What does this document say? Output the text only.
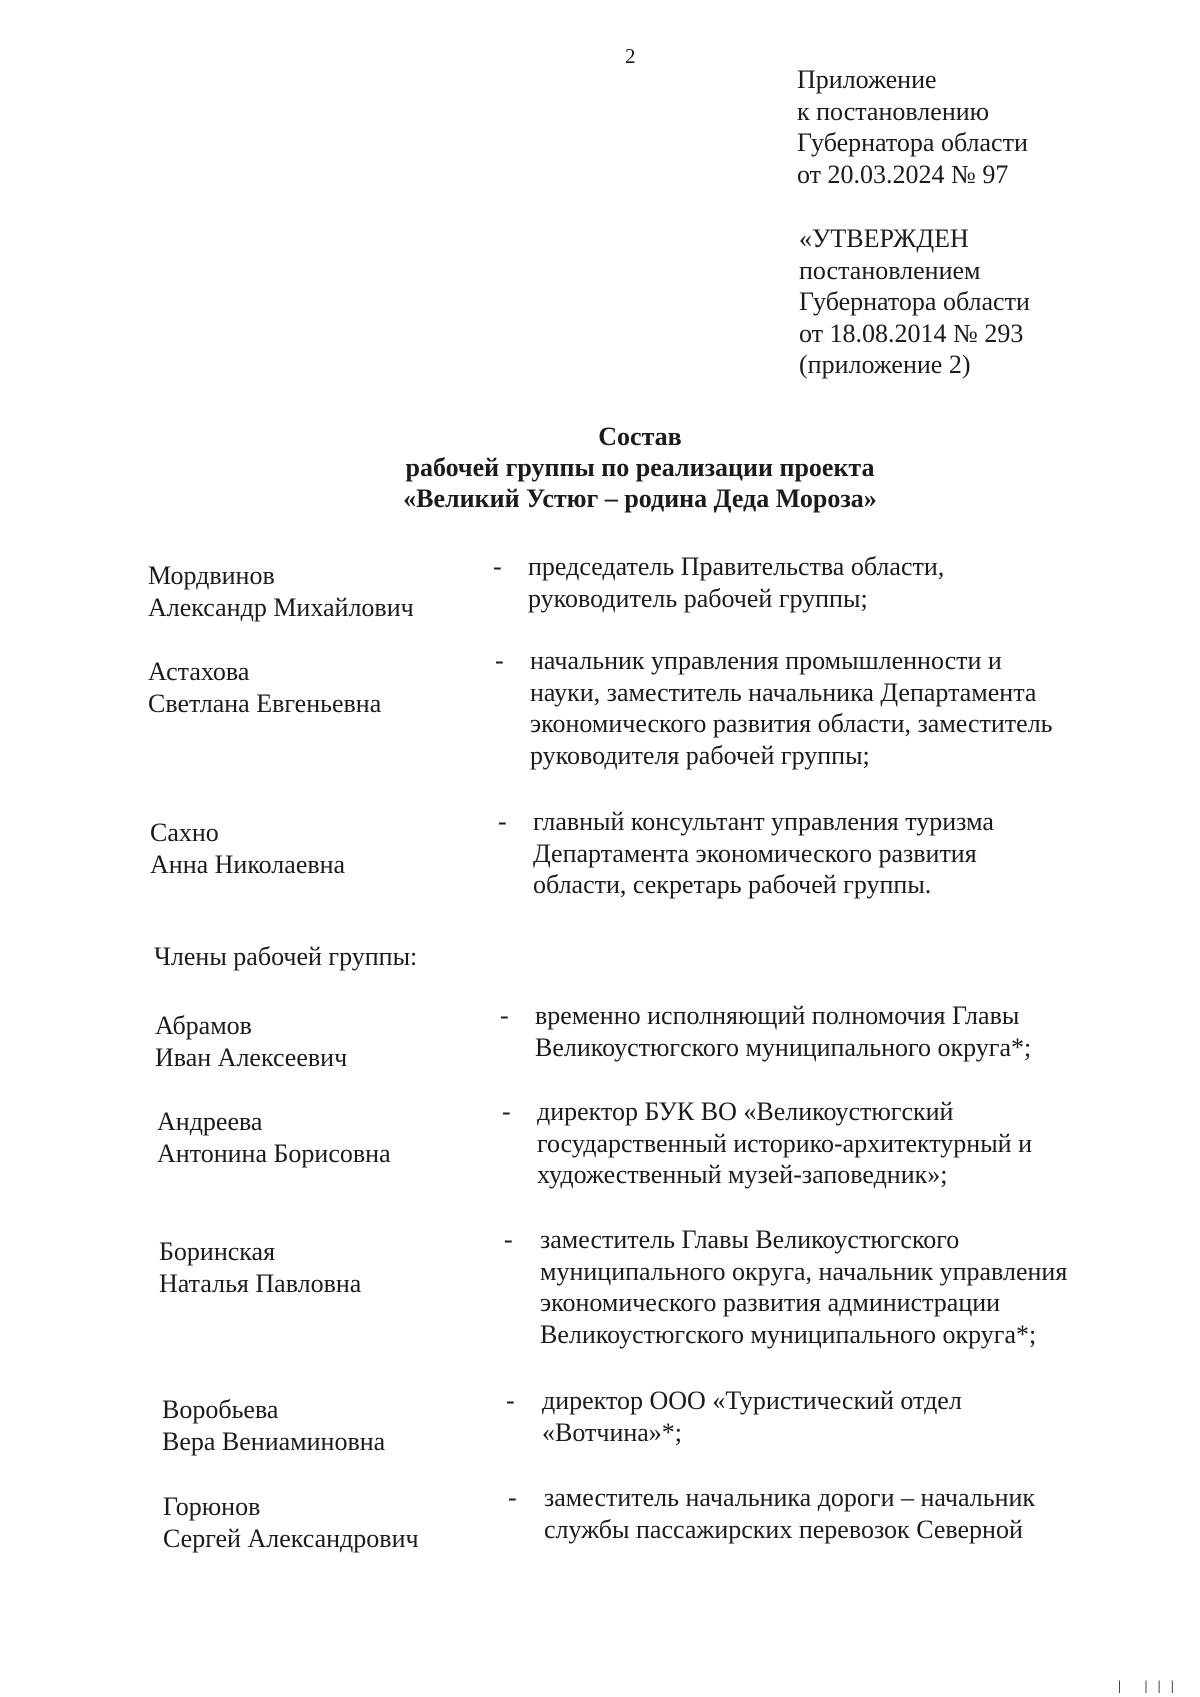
2
Приложение
к постановлению
Губернатора области
от 20.03.2024 № 97
«УТВЕРЖДЕН
постановлением
Губернатора области
от 18.08.2014 № 293
(приложение 2)
Состав
рабочей группы по реализации проекта
«Великий Устюг – родина Деда Мороза»
Мордвинов
Александр Михайлович
- председатель Правительства области,
руководитель рабочей группы;
Астахова
Светлана Евгеньевна
- начальник управления промышленности и
науки, заместитель начальника Департамента
экономического развития области, заместитель
руководителя рабочей группы;
Сахно
Анна Николаевна
- главный консультант управления туризма
Департамента экономического развития
области, секретарь рабочей группы.
Члены рабочей группы:
Абрамов
Иван Алексеевич
- временно исполняющий полномочия Главы
Великоустюгского муниципального округа*;
Андреева
Антонина Борисовна
- директор БУК ВО «Великоустюгский
государственный историко-архитектурный и
художественный музей-заповедник»;
Боринская
Наталья Павловна
- заместитель Главы Великоустюгского
муниципального округа, начальник управления
экономического развития администрации
Великоустюгского муниципального округа*;
Воробьева
Вера Вениаминовна
- директор ООО «Туристический отдел
«Вотчина»*;
Горюнов
Сергей Александрович
- заместитель начальника дороги – начальник
службы пассажирских перевозок Северной
| |||
